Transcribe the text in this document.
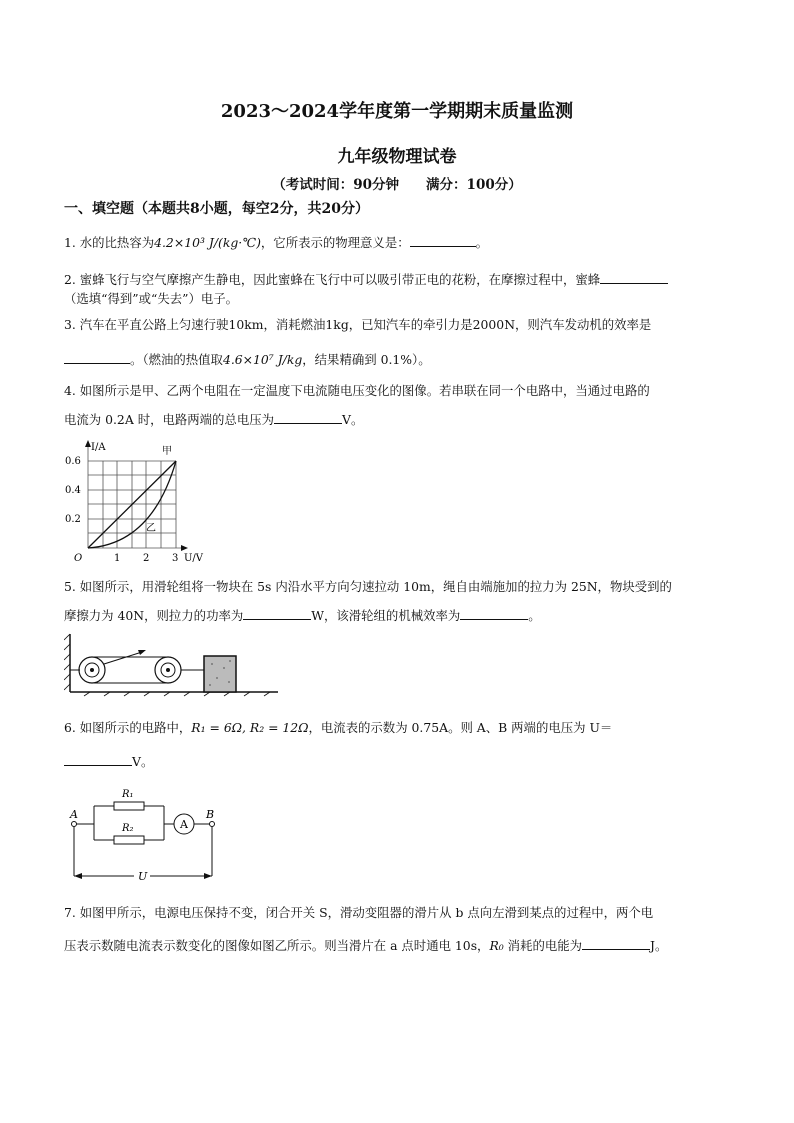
2023～2024学年度第一学期期末质量监测
九年级物理试卷
（考试时间：90分钟　　满分：100分）
一、填空题（本题共8小题，每空2分，共20分）
1. 水的比热容为4.2×10³ J/(kg·℃)，它所表示的物理意义是：	。
2. 蜜蜂飞行与空气摩擦产生静电，因此蜜蜂在飞行中可以吸引带正电的花粉，在摩擦过程中，蜜蜂
（选填“得到”或“失去”）电子。
3. 汽车在平直公路上匀速行驶10km，消耗燃油1kg，已知汽车的牵引力是2000N，则汽车发动机的效率是
。（燃油的热值取4.6×10⁷ J/kg，结果精确到 0.1%）。
4. 如图所示是甲、乙两个电阻在一定温度下电流随电压变化的图像。若串联在同一个电路中，当通过电路的
电流为 0.2A 时，电路两端的总电压为	V。
I/A
0.6
0.4
0.2
O	1 2 3 U/V
甲
乙
5. 如图所示，用滑轮组将一物块在 5s 内沿水平方向匀速拉动 10m，绳自由端施加的拉力为 25N，物块受到的
摩擦力为 40N，则拉力的功率为	W，该滑轮组的机械效率为	。
6. 如图所示的电路中，R₁ = 6Ω, R₂ = 12Ω，电流表的示数为 0.75A。则 A、B 两端的电压为 U＝
V。
A	B
R₁
R₂	A
U
7. 如图甲所示，电源电压保持不变，闭合开关 S，滑动变阻器的滑片从 b 点向左滑到某点的过程中，两个电
压表示数随电流表示数变化的图像如图乙所示。则当滑片在 a 点时通电 10s，R₀ 消耗的电能为	J。
